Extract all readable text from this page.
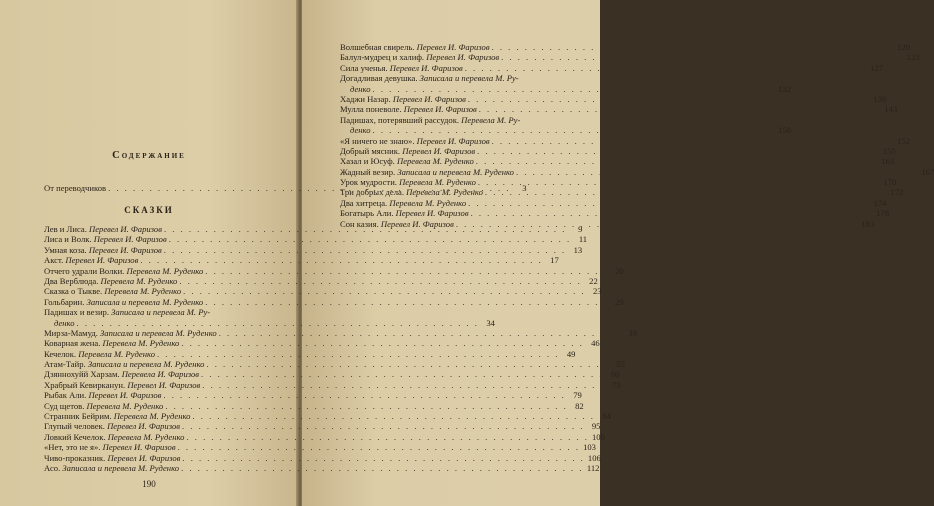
Содержание
СКАЗКИ
190
От переводчиков . . .	3
Лев и Лиса. Перевел И. Фаризов . . .	9
Лиса и Волк. Перевел И. Фаризов . . .	11
Умная коза. Перевел И. Фаризов . . .	13
Акст. Перевел И. Фаризов . . .	17
Отчего удрали Волки. Перевела М. Руденко . . .	20
Два Верблюда. Перевела М. Руденко . . .	22
Сказка о Тыкве. Перевела М. Руденко . . .	23
Гольбарин. Записала и перевела М. Руденко . . .	29
Падишах и везир. Записала и перевела М. Ру-
денко . . .	34
Мирза-Мамуд. Записала и перевела М. Руденко . . .	39
Коварная жена. Перевела М. Руденко . . .	46
Кечелок. Перевела М. Руденко . . .	49
Атам-Тайр. Записала и перевела М. Руденко . . .	55
Дзяннохуйй Харзам. Перевела И. Фаризов . . .	60
Храбрый Кевирканун. Перевел И. Фаризов . . .	73
Рыбак Али. Перевел И. Фаризов . . .	79
Суд щетов. Перевела М. Руденко . . .	82
Странник Бейрим. Перевела М. Руденко . . .	84
Глупый человек. Перевел И. Фаризов . . .	95
Ловкий Кечелок. Перевела М. Руденко . . .	100
«Нет, это не я». Перевел И. Фаризов . . .	103
Чиво-проказник. Перевел И. Фаризов . . .	106
Асо. Записала и перевела М. Руденко . . .	112
Волшебная свирель. Перевел И. Фаризов . . .	120
Балул-мудрец и халиф. Перевел И. Фаризов . . .	123
Сила ученья. Перевел И. Фаризов . . .	127
Догадливая девушка. Записала и перевела М. Ру-
денко . . .	132
Хаджи Назар. Перевел И. Фаризов . . .	136
Мулла поневоле. Перевел И. Фаризов . . .	143
Падишах, потерявший рассудок. Перевела М. Ру-
денко . . .	150
«Я ничего не знаю». Перевел И. Фаризов . . .	152
Добрый мясник. Перевел И. Фаризов . . .	155
Хазал и Юсуф. Перевела М. Руденко . . .	163
Жадный везир. Записала и перевела М. Руденко . . .	167
Урок мудрости. Перевела М. Руденко . . .	170
Три добрых дела. Перевела М. Руденко . . .	172
Два хитреца. Перевела М. Руденко . . .	174
Богатырь Али. Перевел И. Фаризов . . .	178
Сон казия. Перевел И. Фаризов . . .	183
